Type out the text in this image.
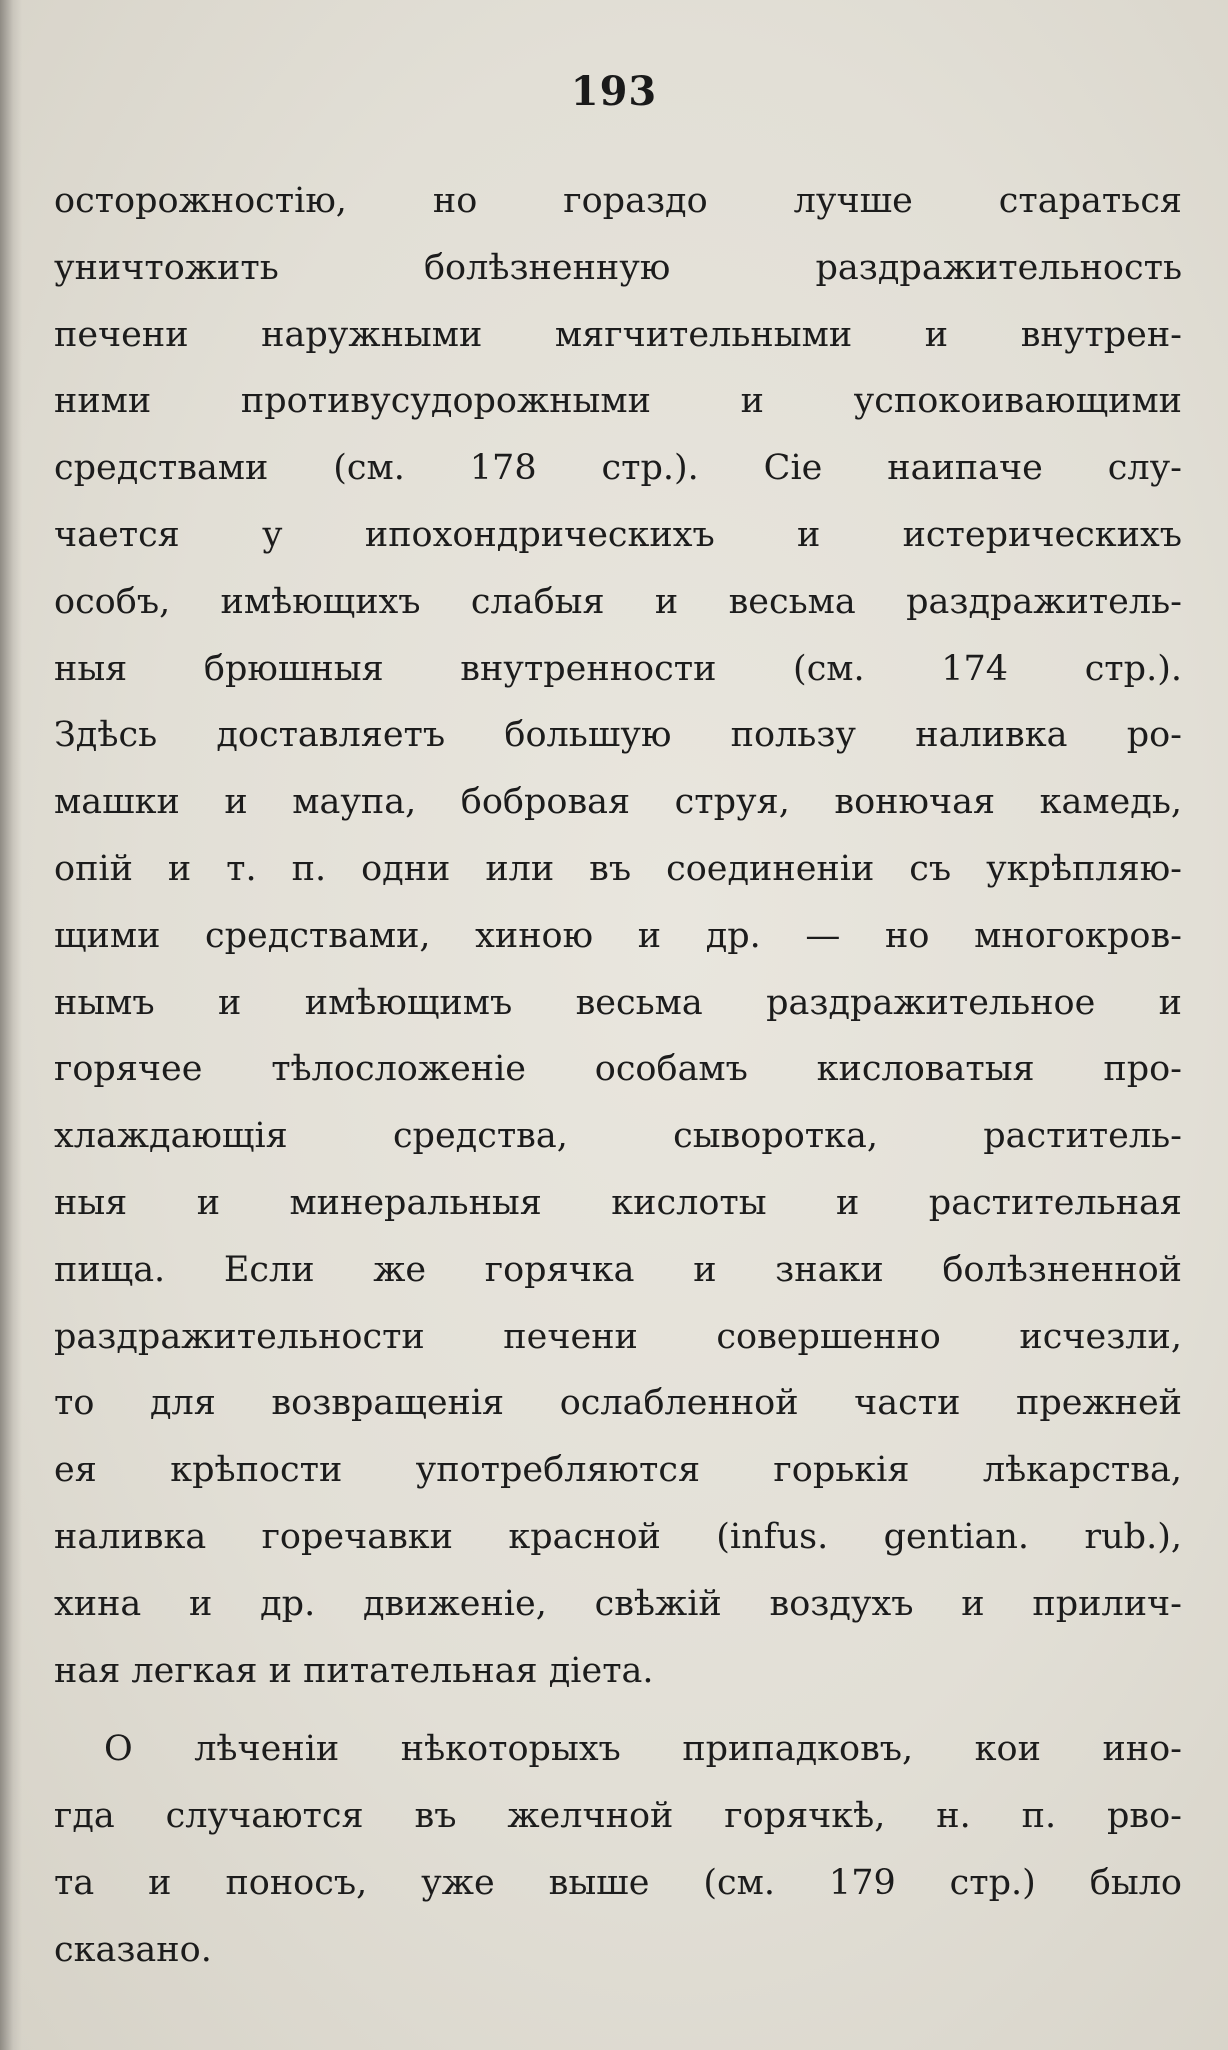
193
осторожностію, но гораздо лучше стараться
уничтожить болѣзненную раздражительность
печени наружными мягчительными и внутрен-
ними противусудорожными и успокоивающими
средствами (см. 178 стр.). Сіе наипаче слу-
чается у ипохондрическихъ и истерическихъ
особъ, имѣющихъ слабыя и весьма раздражитель-
ныя брюшныя внутренности (см. 174 стр.).
Здѣсь доставляетъ большую пользу наливка ро-
машки и маупа, бобровая струя, вонючая камедь,
опій и т. п. одни или въ соединеніи съ укрѣпляю-
щими средствами, хиною и др. — но многокров-
нымъ и имѣющимъ весьма раздражительное и
горячее тѣлосложеніе особамъ кисловатыя про-
хлаждающія средства, сыворотка, раститель-
ныя и минеральныя кислоты и растительная
пища. Если же горячка и знаки болѣзненной
раздражительности печени совершенно исчезли,
то для возвращенія ослабленной части прежней
ея крѣпости употребляются горькія лѣкарства,
наливка горечавки красной (infus. gentian. rub.),
хина и др. движеніе, свѣжій воздухъ и прилич-
ная легкая и питательная діета.
О лѣченіи нѣкоторыхъ припадковъ, кои ино-
гда случаются въ желчной горячкѣ, н. п. рво-
та и поносъ, уже выше (см. 179 стр.) было
сказано.
